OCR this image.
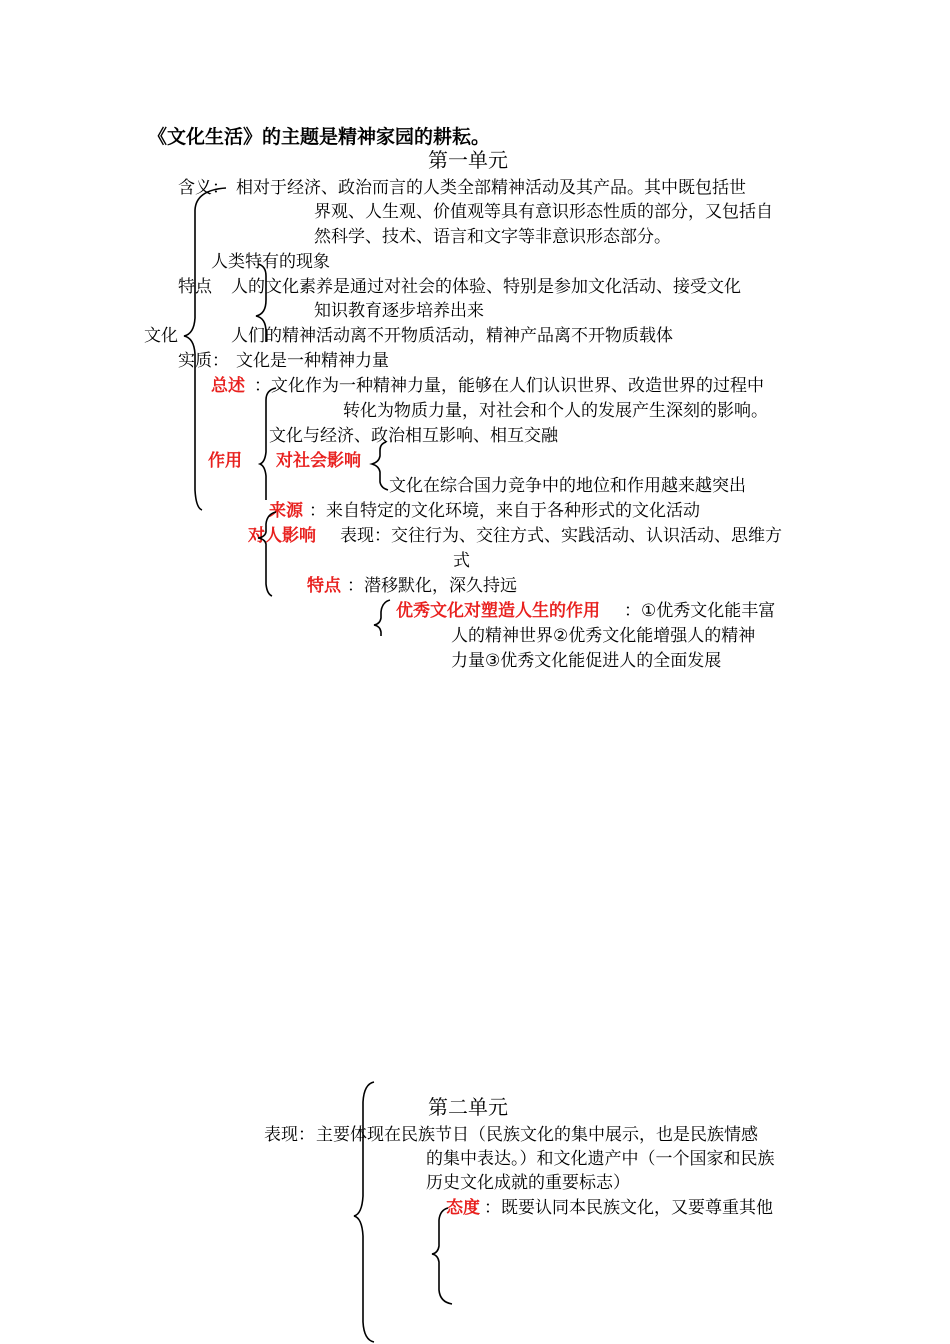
《文化生活》的主题是精神家园的耕耘。
第一单元
含义： 相对于经济、政治而言的人类全部精神活动及其产品。其中既包括世
界观、人生观、价值观等具有意识形态性质的部分，又包括自
然科学、技术、语言和文字等非意识形态部分。
人类特有的现象
特点 人的文化素养是通过对社会的体验、特别是参加文化活动、接受文化
知识教育逐步培养出来
文化	人们的精神活动离不开物质活动，精神产品离不开物质载体
实质： 文化是一种精神力量
总述 ：文化作为一种精神力量，能够在人们认识世界、改造世界的过程中
转化为物质力量，对社会和个人的发展产生深刻的影响。
文化与经济、政治相互影响、相互交融
作用 对社会影响
文化在综合国力竞争中的地位和作用越来越突出
来源 ：来自特定的文化环境，来自于各种形式的文化活动
对人影响 表现： 交往行为、交往方式、实践活动、认识活动、思维方
式
特点 ：潜移默化，深久持远
优秀文化对塑造人生的作用 ：①优秀文化能丰富
人的精神世界②优秀文化能增强人的精神
力量③优秀文化能促进人的全面发展
第二单元
表现： 主要体现在民族节日（民族文化的集中展示，也是民族情感
的集中表达。）和文化遗产中（一个国家和民族
历史文化成就的重要标志）
态度 ：既要认同本民族文化，又要尊重其他
